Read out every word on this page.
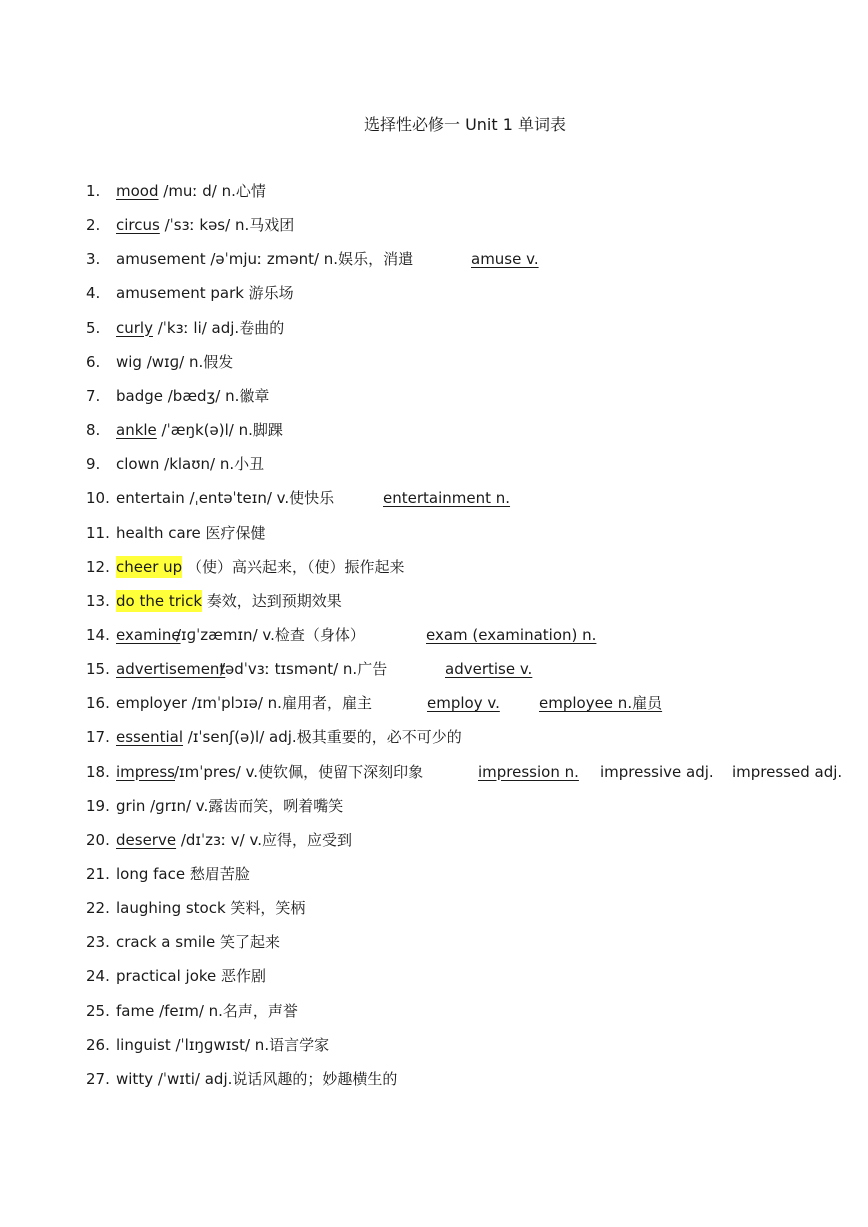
选择性必修一 Unit 1 单词表
1. mood /muː d/ n.心情
2. circus /ˈsɜː kəs/ n.马戏团
3. amusement /əˈmjuː zmənt/ n.娱乐，消遣	amuse v.
4. amusement park 游乐场
5. curly /ˈkɜː li/ adj.卷曲的
6. wig /wɪɡ/ n.假发
7. badge /bædʒ/ n.徽章
8. ankle /ˈæŋk(ə)l/ n.脚踝
9. clown /klaʊn/ n.小丑
10. entertain /ˌentəˈteɪn/ v.使快乐	entertainment n.
11. health care 医疗保健
12. cheer up （使）高兴起来，（使）振作起来
13. do the trick 奏效，达到预期效果
14. examine
/ɪɡˈzæmɪn/ v.检查（身体）	exam (examination) n.
15. advertisement
/ədˈvɜː tɪsmənt/ n.广告	advertise v.
16. employer /ɪmˈplɔɪə/ n.雇用者，雇主	employ v.	employee n.雇员
17. essential /ɪˈsenʃ(ə)l/ adj.极其重要的，必不可少的
18. impress /ɪmˈpres/ v.使钦佩，使留下深刻印象	impression n. impressive adj. impressed adj.
19. grin /ɡrɪn/ v.露齿而笑，咧着嘴笑
20. deserve /dɪˈzɜː v/ v.应得，应受到
21. long face 愁眉苦脸
22. laughing stock 笑料，笑柄
23. crack a smile 笑了起来
24. practical joke 恶作剧
25. fame /feɪm/ n.名声，声誉
26. linguist /ˈlɪŋɡwɪst/ n.语言学家
27. witty /ˈwɪti/ adj.说话风趣的；妙趣横生的
